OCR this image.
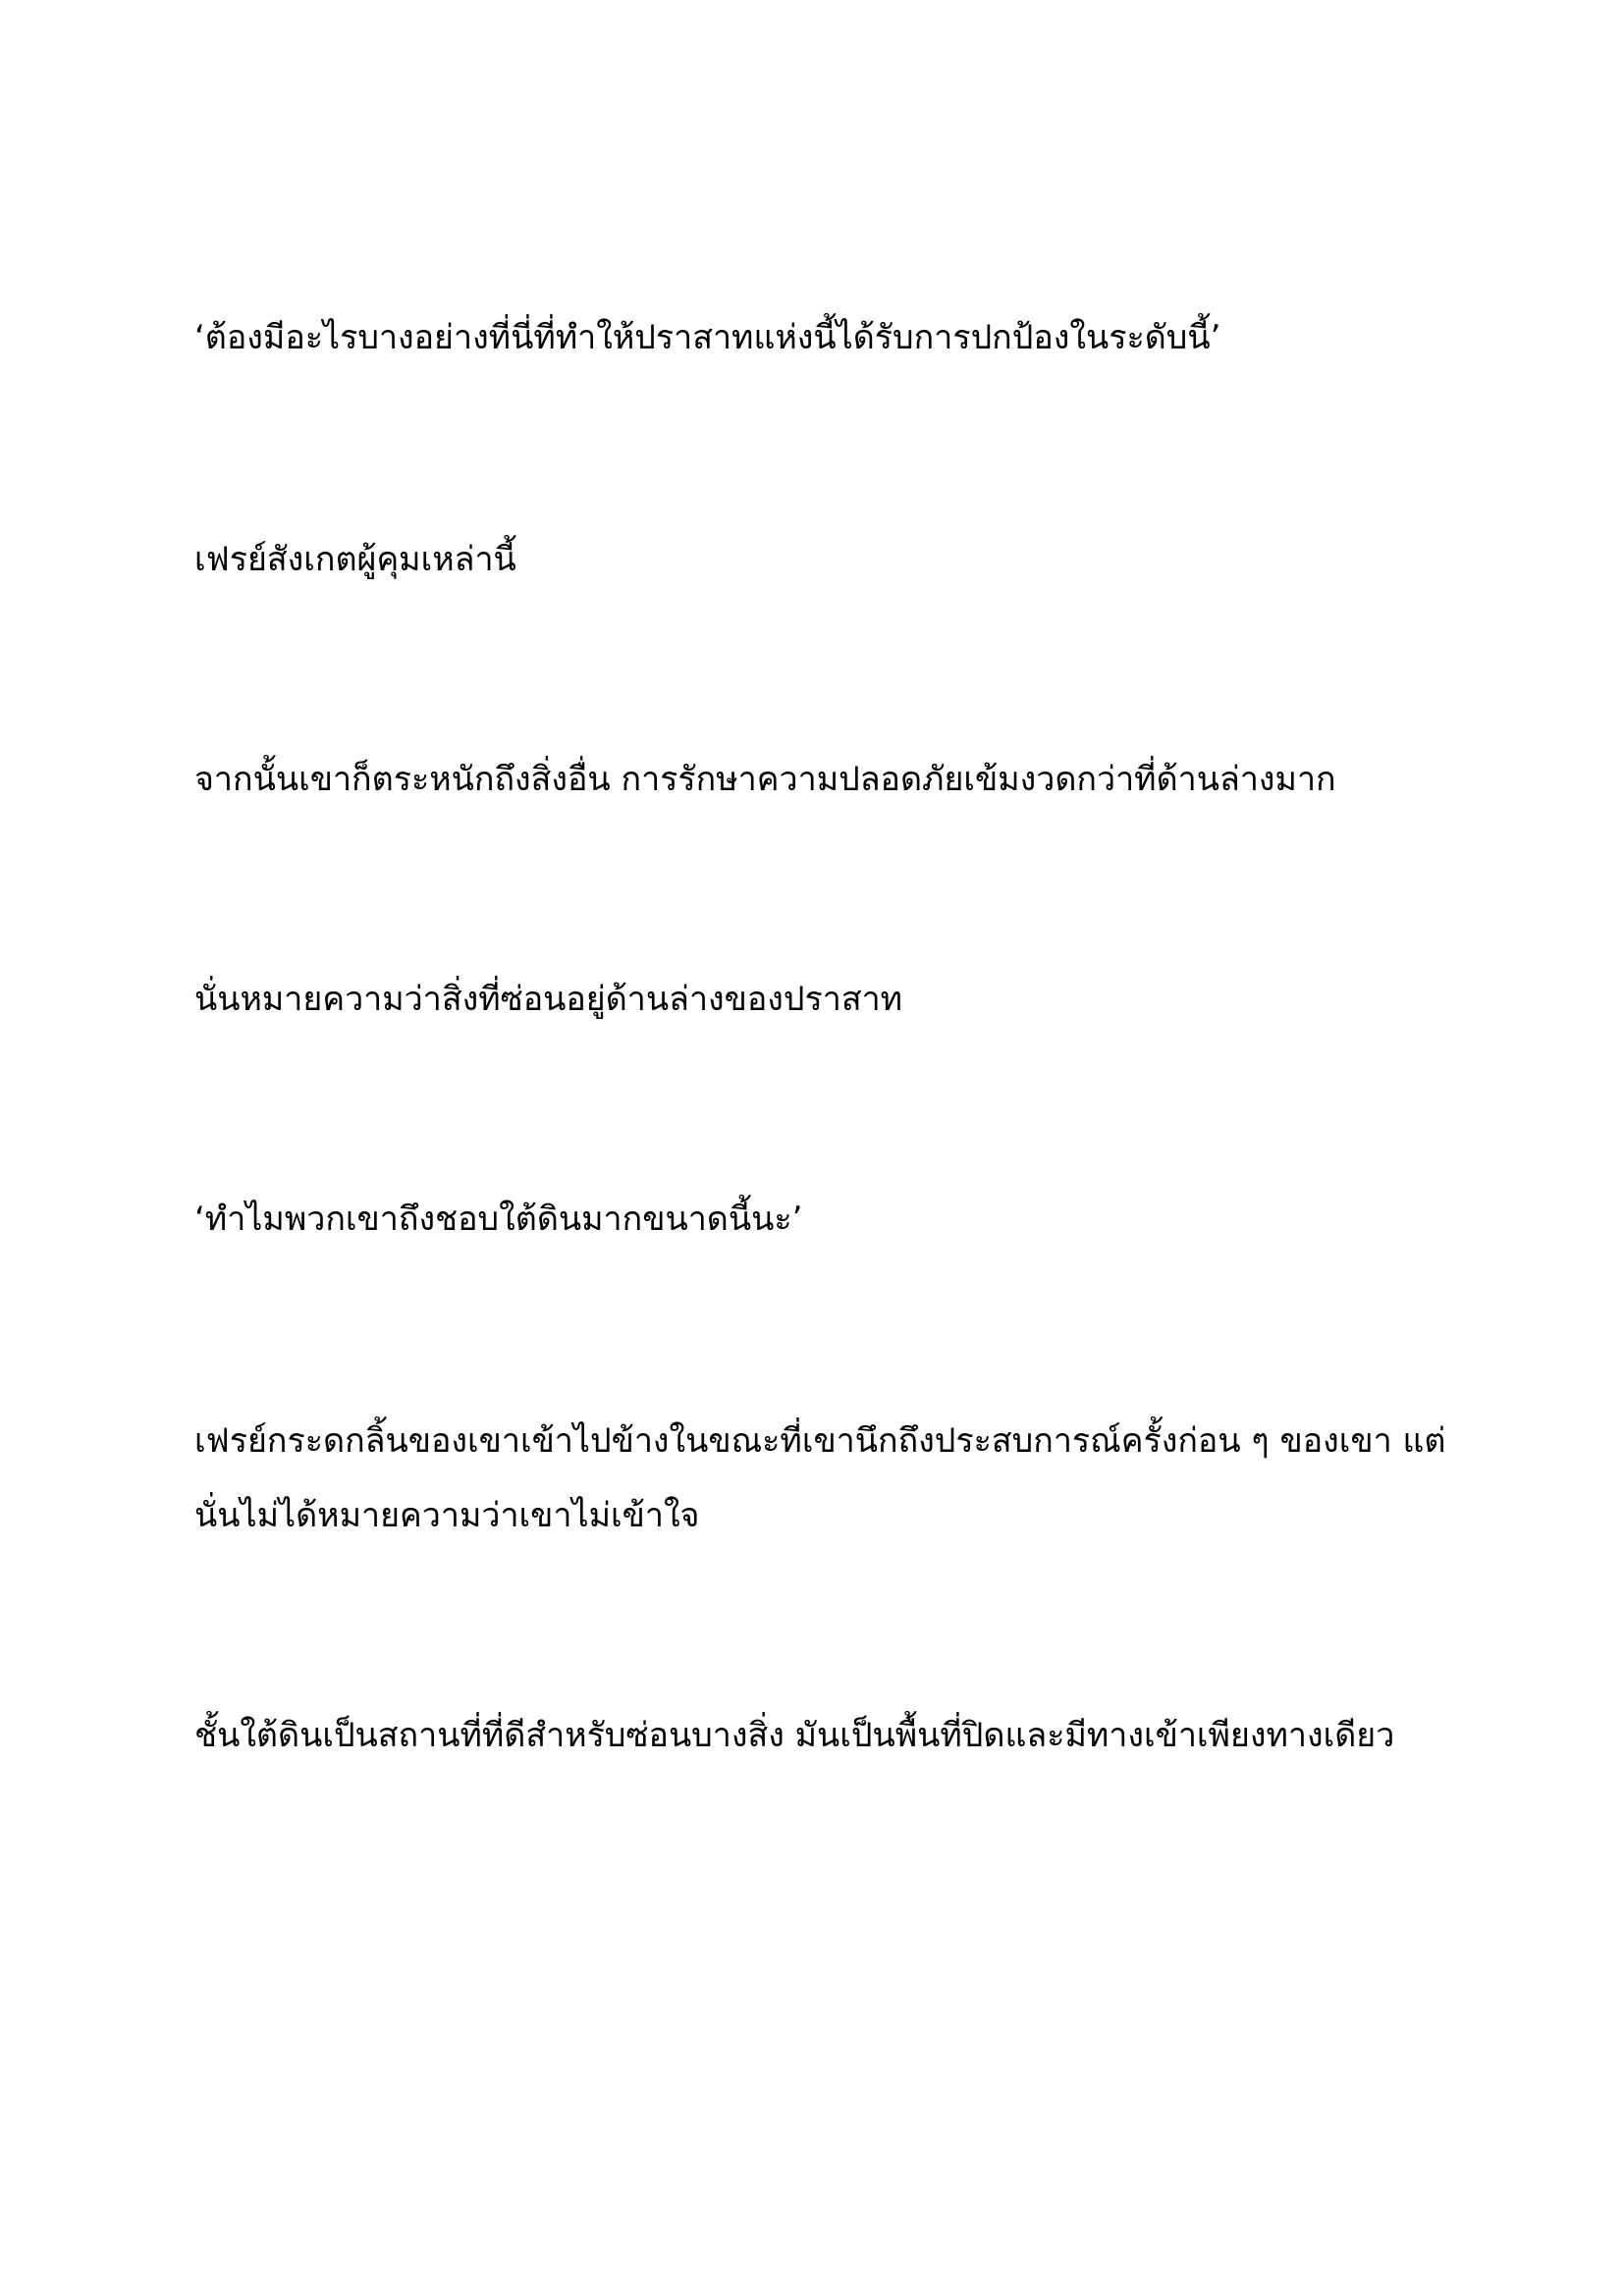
‘ต้องมีอะไรบางอย่างที่นี่ที่ทำให้ปราสาทแห่งนี้ได้รับการปกป้องในระดับนี้’

เฟรย์สังเกตผู้คุมเหล่านี้

จากนั้นเขาก็ตระหนักถึงสิ่งอื่น การรักษาความปลอดภัยเข้มงวดกว่าที่ด้านล่างมาก

นั่นหมายความว่าสิ่งที่ซ่อนอยู่ด้านล่างของปราสาท

‘ทำไมพวกเขาถึงชอบใต้ดินมากขนาดนี้นะ’

เฟรย์กระดกลิ้นของเขาเข้าไปข้างในขณะที่เขานึกถึงประสบการณ์ครั้งก่อน ๆ ของเขา แต่นั่นไม่ได้หมายความว่าเขาไม่เข้าใจ

ชั้นใต้ดินเป็นสถานที่ที่ดีสำหรับซ่อนบางสิ่ง มันเป็นพื้นที่ปิดและมีทางเข้าเพียงทางเดียว
